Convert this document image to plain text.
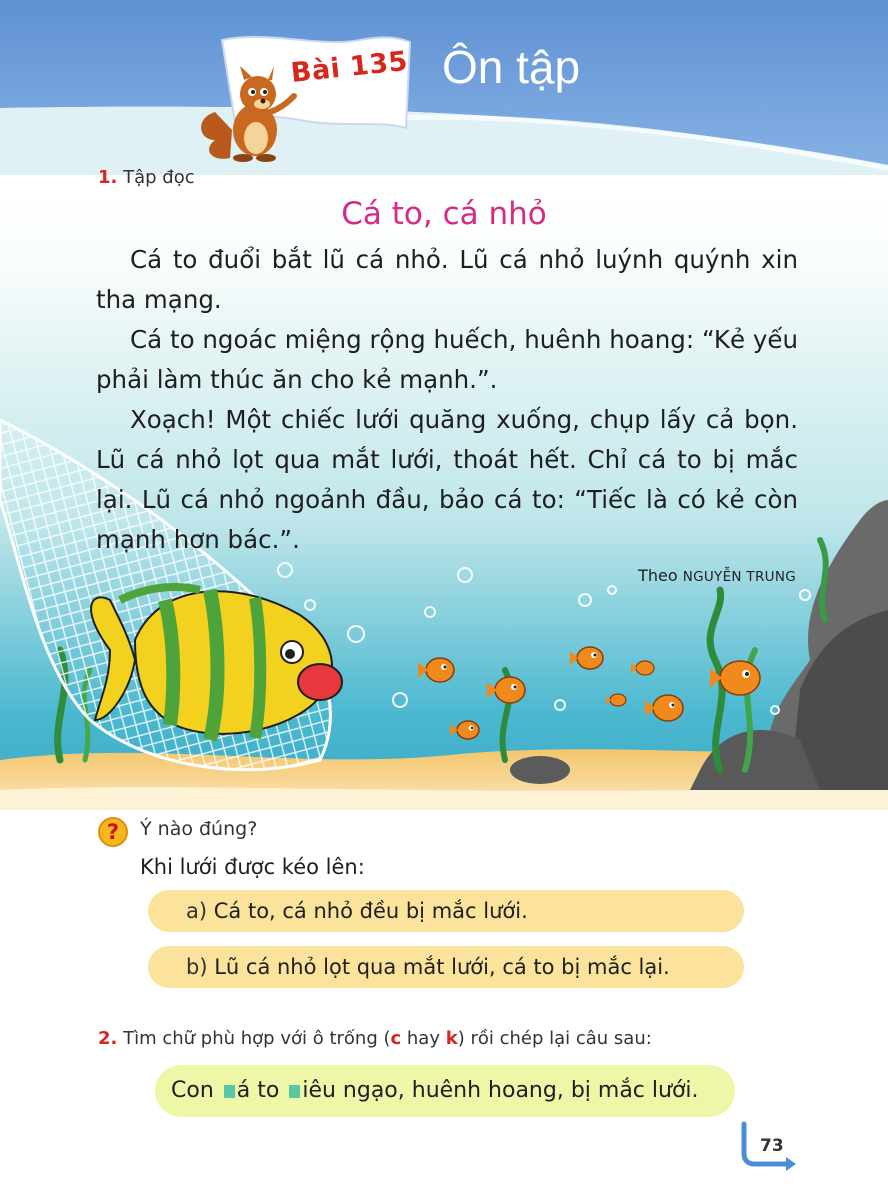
Bài 135 Ôn tập
1. Tập đọc
Cá to, cá nhỏ

Cá to đuổi bắt lũ cá nhỏ. Lũ cá nhỏ luýnh quýnh xin tha mạng.

Cá to ngoác miệng rộng huếch, huênh hoang: “Kẻ yếu phải làm thúc ăn cho kẻ mạnh.”.

Xoạch! Một chiếc lưới quăng xuống, chụp lấy cả bọn. Lũ cá nhỏ lọt qua mắt lưới, thoát hết. Chỉ cá to bị mắc lại. Lũ cá nhỏ ngoảnh đầu, bảo cá to: “Tiếc là có kẻ còn mạnh hơn bác.”.

Theo NGUYỄN TRUNG
?	Ý nào đúng?
Khi lưới được kéo lên:
a) Cá to, cá nhỏ đều bị mắc lưới.
b) Lũ cá nhỏ lọt qua mắt lưới, cá to bị mắc lại.
2. Tìm chữ phù hợp với ô trống (c hay k) rồi chép lại câu sau:
Con á to iêu ngạo, huênh hoang, bị mắc lưới.
73
